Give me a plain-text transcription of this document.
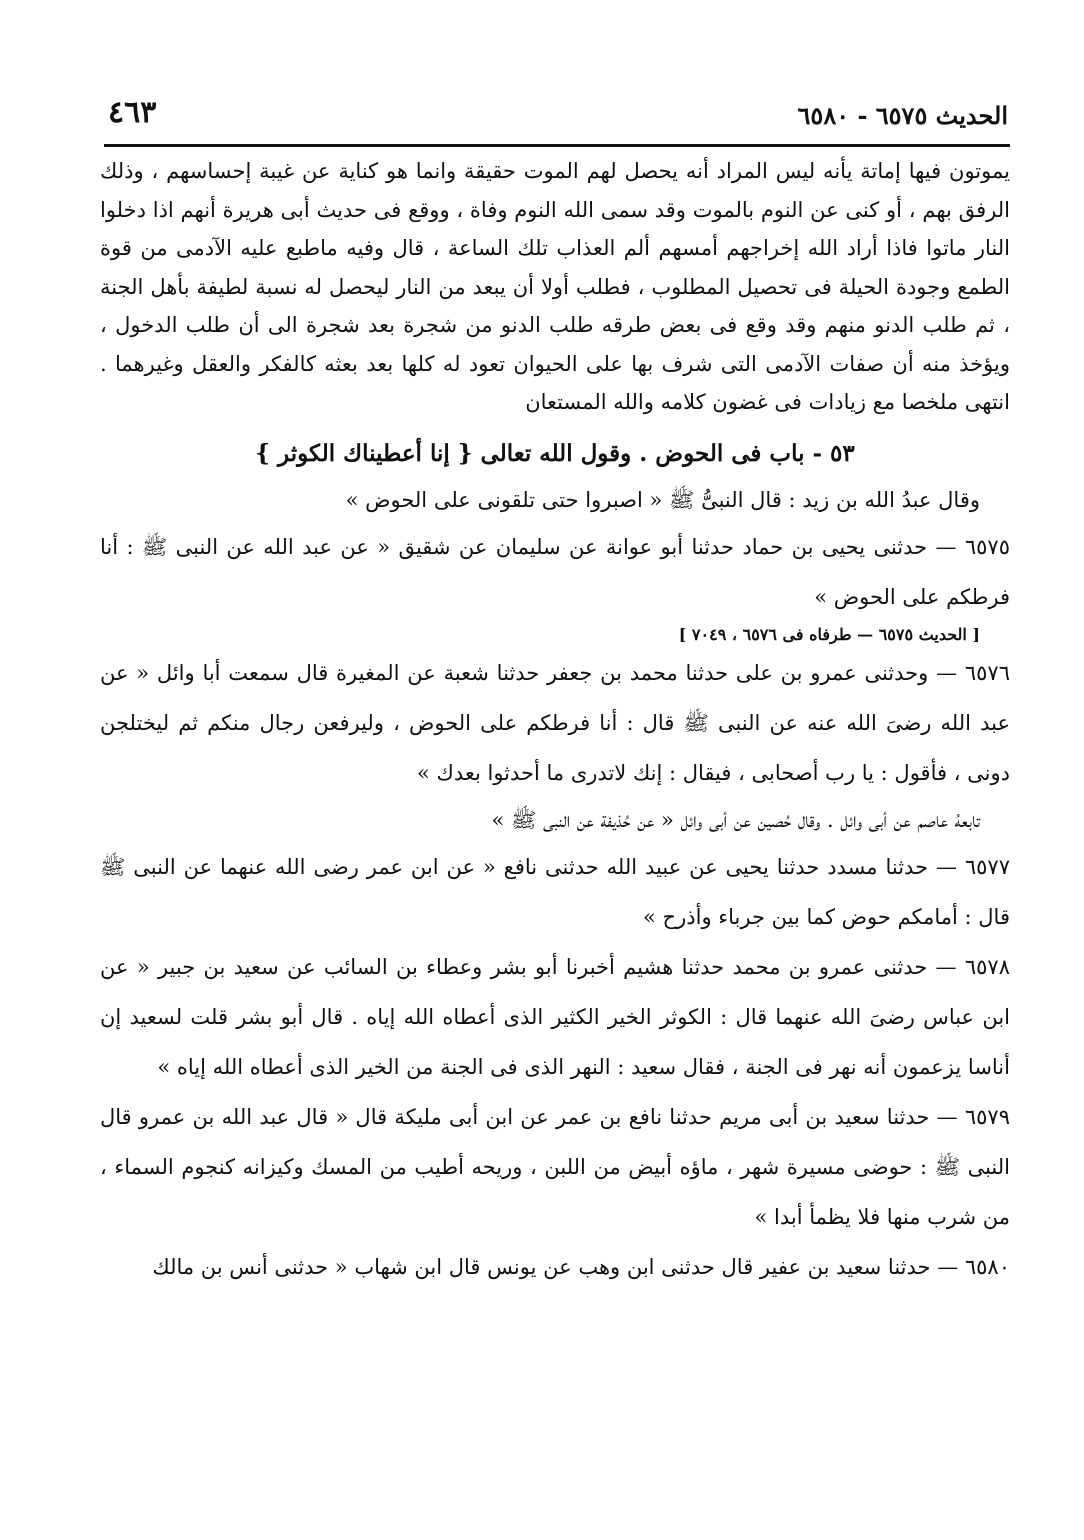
الحديث ٦٥٧٥ - ٦٥٨٠
٤٦٣

يموتون فيها إماتة يأنه ليس المراد أنه يحصل لهم الموت حقيقة وانما هو كناية عن غيبة إحساسهم ، وذلك الرفق بهم ، أو كنى عن النوم بالموت وقد سمى الله النوم وفاة ، ووقع فى حديث أبى هريرة أنهم اذا دخلوا النار ماتوا فاذا أراد الله إخراجهم أمسهم ألم العذاب تلك الساعة ، قال وفيه ماطبع عليه الآدمى من قوة الطمع وجودة الحيلة فى تحصيل المطلوب ، فطلب أولا أن يبعد من النار ليحصل له نسبة لطيفة بأهل الجنة ، ثم طلب الدنو منهم وقد وقع فى بعض طرقه طلب الدنو من شجرة بعد شجرة الى أن طلب الدخول ، ويؤخذ منه أن صفات الآدمى التى شرف بها على الحيوان تعود له كلها بعد بعثه كالفكر والعقل وغيرهما . انتهى ملخصا مع زيادات فى غضون كلامه والله المستعان

٥٣ - باب فى الحوض . وقول الله تعالى { إنا أعطيناك الكوثر }

وقال عبدُ الله بن زيد : قال النبىُّ ﷺ « اصبروا حتى تلقونى على الحوض »

٦٥٧٥ — حدثنى يحيى بن حماد حدثنا أبو عوانة عن سليمان عن شقيق « عن عبد الله عن النبى ﷺ : أنا فرطكم على الحوض »

[ الحديث ٦٥٧٥ — طرفاه فى ٦٥٧٦ ، ٧٠٤٩ ]

٦٥٧٦ — وحدثنى عمرو بن على حدثنا محمد بن جعفر حدثنا شعبة عن المغيرة قال سمعت أبا وائل « عن عبد الله رضىَ الله عنه عن النبى ﷺ قال : أنا فرطكم على الحوض ، وليرفعن رجال منكم ثم ليختلجن دونى ، فأقول : يا رب أصحابى ، فيقال : إنك لاتدرى ما أحدثوا بعدك »

تابعهُ عاصم عن أبى وائل . وقال حُصين عن أبى وائل « عن حُذيفة عن النبى ﷺ »

٦٥٧٧ — حدثنا مسدد حدثنا يحيى عن عبيد الله حدثنى نافع « عن ابن عمر رضى الله عنهما عن النبى ﷺ قال : أمامكم حوض كما بين جرباء وأذرح »

٦٥٧٨ — حدثنى عمرو بن محمد حدثنا هشيم أخبرنا أبو بشر وعطاء بن السائب عن سعيد بن جبير « عن ابن عباس رضىَ الله عنهما قال : الكوثر الخير الكثير الذى أعطاه الله إياه . قال أبو بشر قلت لسعيد إن أناسا يزعمون أنه نهر فى الجنة ، فقال سعيد : النهر الذى فى الجنة من الخير الذى أعطاه الله إياه »

٦٥٧٩ — حدثنا سعيد بن أبى مريم حدثنا نافع بن عمر عن ابن أبى مليكة قال « قال عبد الله بن عمرو قال النبى ﷺ : حوضى مسيرة شهر ، ماؤه أبيض من اللبن ، وريحه أطيب من المسك وكيزانه كنجوم السماء ، من شرب منها فلا يظمأ أبدا »

٦٥٨٠ — حدثنا سعيد بن عفير قال حدثنى ابن وهب عن يونس قال ابن شهاب « حدثنى أنس بن مالك
